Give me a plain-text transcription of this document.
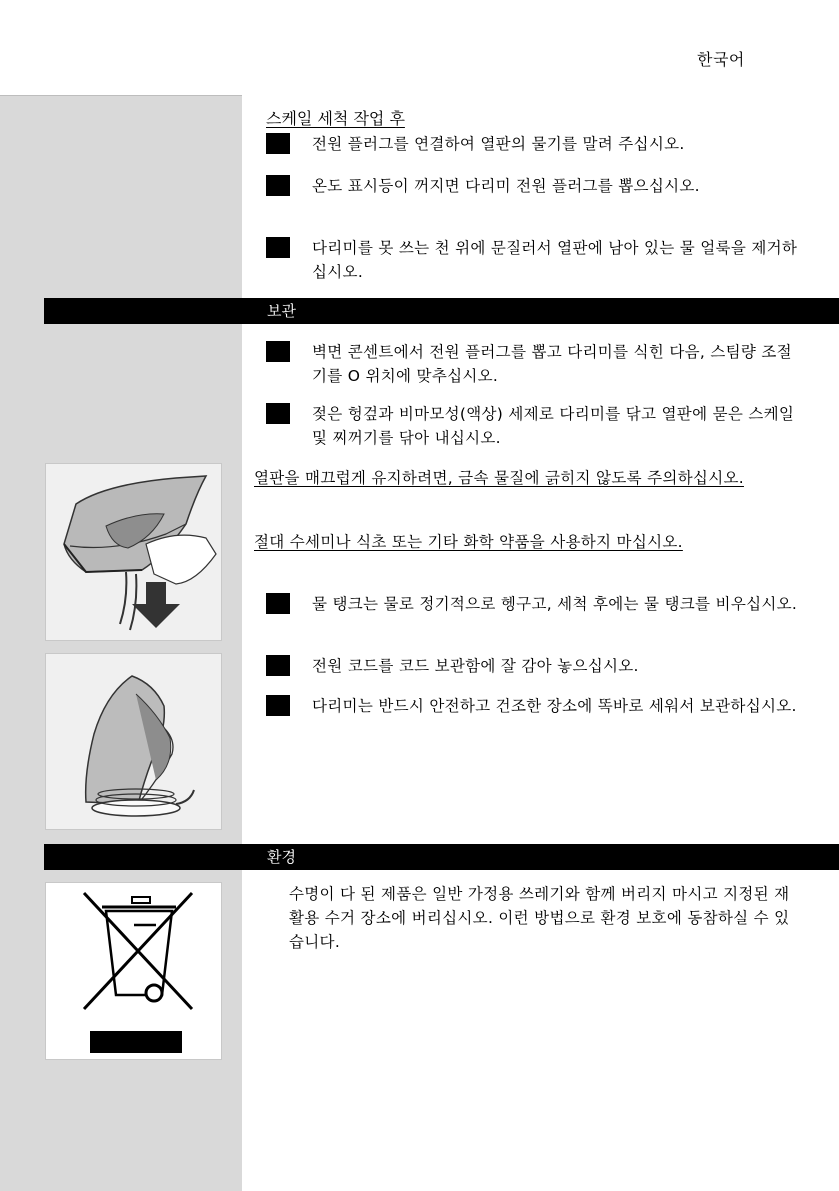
한국어
스케일 세척 작업 후
전원 플러그를 연결하여 열판의 물기를 말려 주십시오.
온도 표시등이 꺼지면 다리미 전원 플러그를 뽑으십시오.
다리미를 못 쓰는 천 위에 문질러서 열판에 남아 있는 물 얼룩을 제거하십시오.
보관
벽면 콘센트에서 전원 플러그를 뽑고 다리미를 식힌 다음, 스팀량 조절기를 O 위치에 맞추십시오.
젖은 헝겊과 비마모성(액상) 세제로 다리미를 닦고 열판에 묻은 스케일 및 찌꺼기를 닦아 내십시오.
열판을 매끄럽게 유지하려면, 금속 물질에 긁히지 않도록 주의하십시오.
절대 수세미나 식초 또는 기타 화학 약품을 사용하지 마십시오.
물 탱크는 물로 정기적으로 헹구고, 세척 후에는 물 탱크를 비우십시오.
전원 코드를 코드 보관함에 잘 감아 놓으십시오.
다리미는 반드시 안전하고 건조한 장소에 똑바로 세워서 보관하십시오.
환경
수명이 다 된 제품은 일반 가정용 쓰레기와 함께 버리지 마시고 지정된 재활용 수거 장소에 버리십시오. 이런 방법으로 환경 보호에 동참하실 수 있습니다.
